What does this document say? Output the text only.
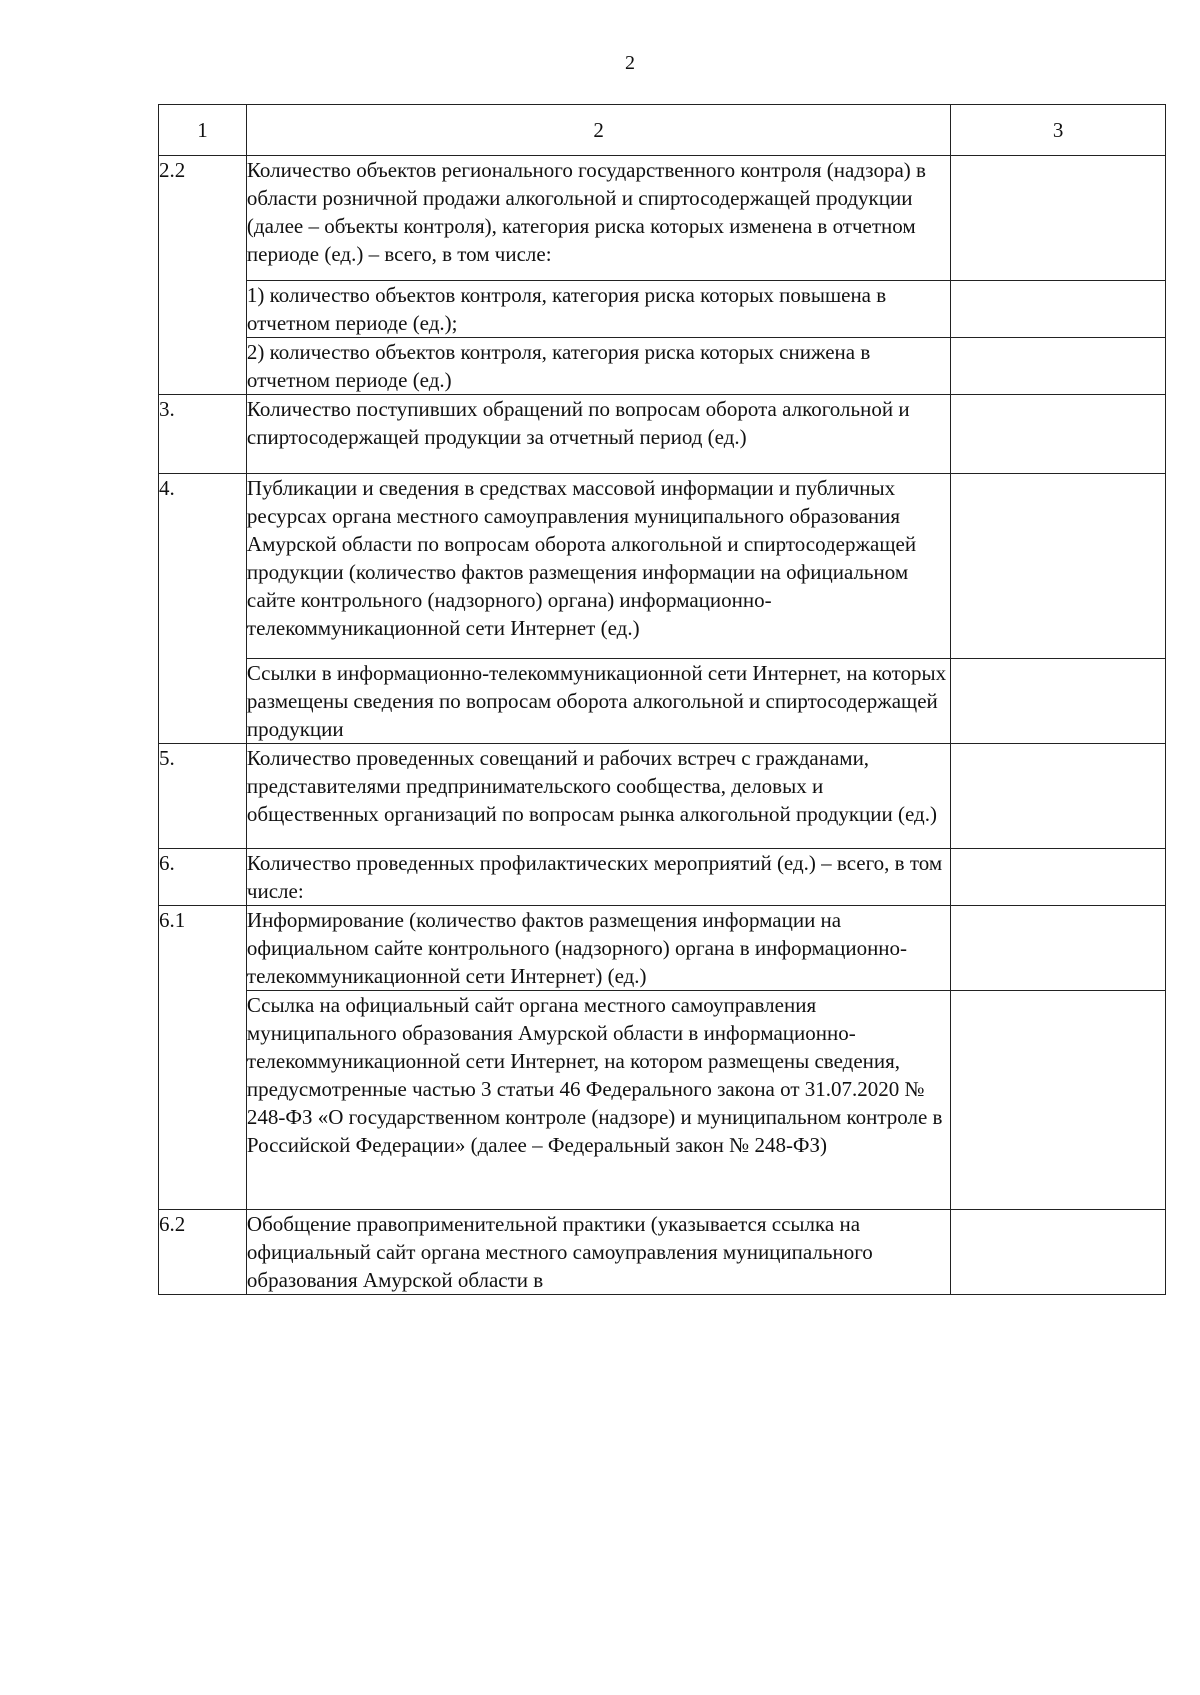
2
1	2	3
2.2	Количество объектов регионального государственного контроля (надзора) в области розничной продажи алкогольной и спиртосодержащей продукции (далее – объекты контроля), категория риска которых изменена в отчетном периоде (ед.) – всего, в том числе:	
	1) количество объектов контроля, категория риска которых повышена в отчетном периоде (ед.);	
	2) количество объектов контроля, категория риска которых снижена в отчетном периоде (ед.)	
3.	Количество поступивших обращений по вопросам оборота алкогольной и спиртосодержащей продукции за отчетный период (ед.)	
4.	Публикации и сведения в средствах массовой информации и публичных ресурсах органа местного самоуправления муниципального образования Амурской области по вопросам оборота алкогольной и спиртосодержащей продукции (количество фактов размещения информации на официальном сайте контрольного (надзорного) органа) информационно-телекоммуникационной сети Интернет (ед.)	
	Ссылки в информационно-телекоммуникационной сети Интернет, на которых размещены сведения по вопросам оборота алкогольной и спиртосодержащей продукции	
5.	Количество проведенных совещаний и рабочих встреч с гражданами, представителями предпринимательского сообщества, деловых и общественных организаций по вопросам рынка алкогольной продукции (ед.)	
6.	Количество проведенных профилактических мероприятий (ед.) – всего, в том числе:	
6.1	Информирование (количество фактов размещения информации на официальном сайте контрольного (надзорного) органа в информационно-телекоммуникационной сети Интернет) (ед.)	
	Ссылка на официальный сайт органа местного самоуправления муниципального образования Амурской области в информационно-телекоммуникационной сети Интернет, на котором размещены сведения, предусмотренные частью 3 статьи 46 Федерального закона от 31.07.2020 № 248-ФЗ «О государственном контроле (надзоре) и муниципальном контроле в Российской Федерации» (далее – Федеральный закон № 248-ФЗ)	
6.2	Обобщение правоприменительной практики (указывается ссылка на официальный сайт органа местного самоуправления муниципального образования Амурской области в	
